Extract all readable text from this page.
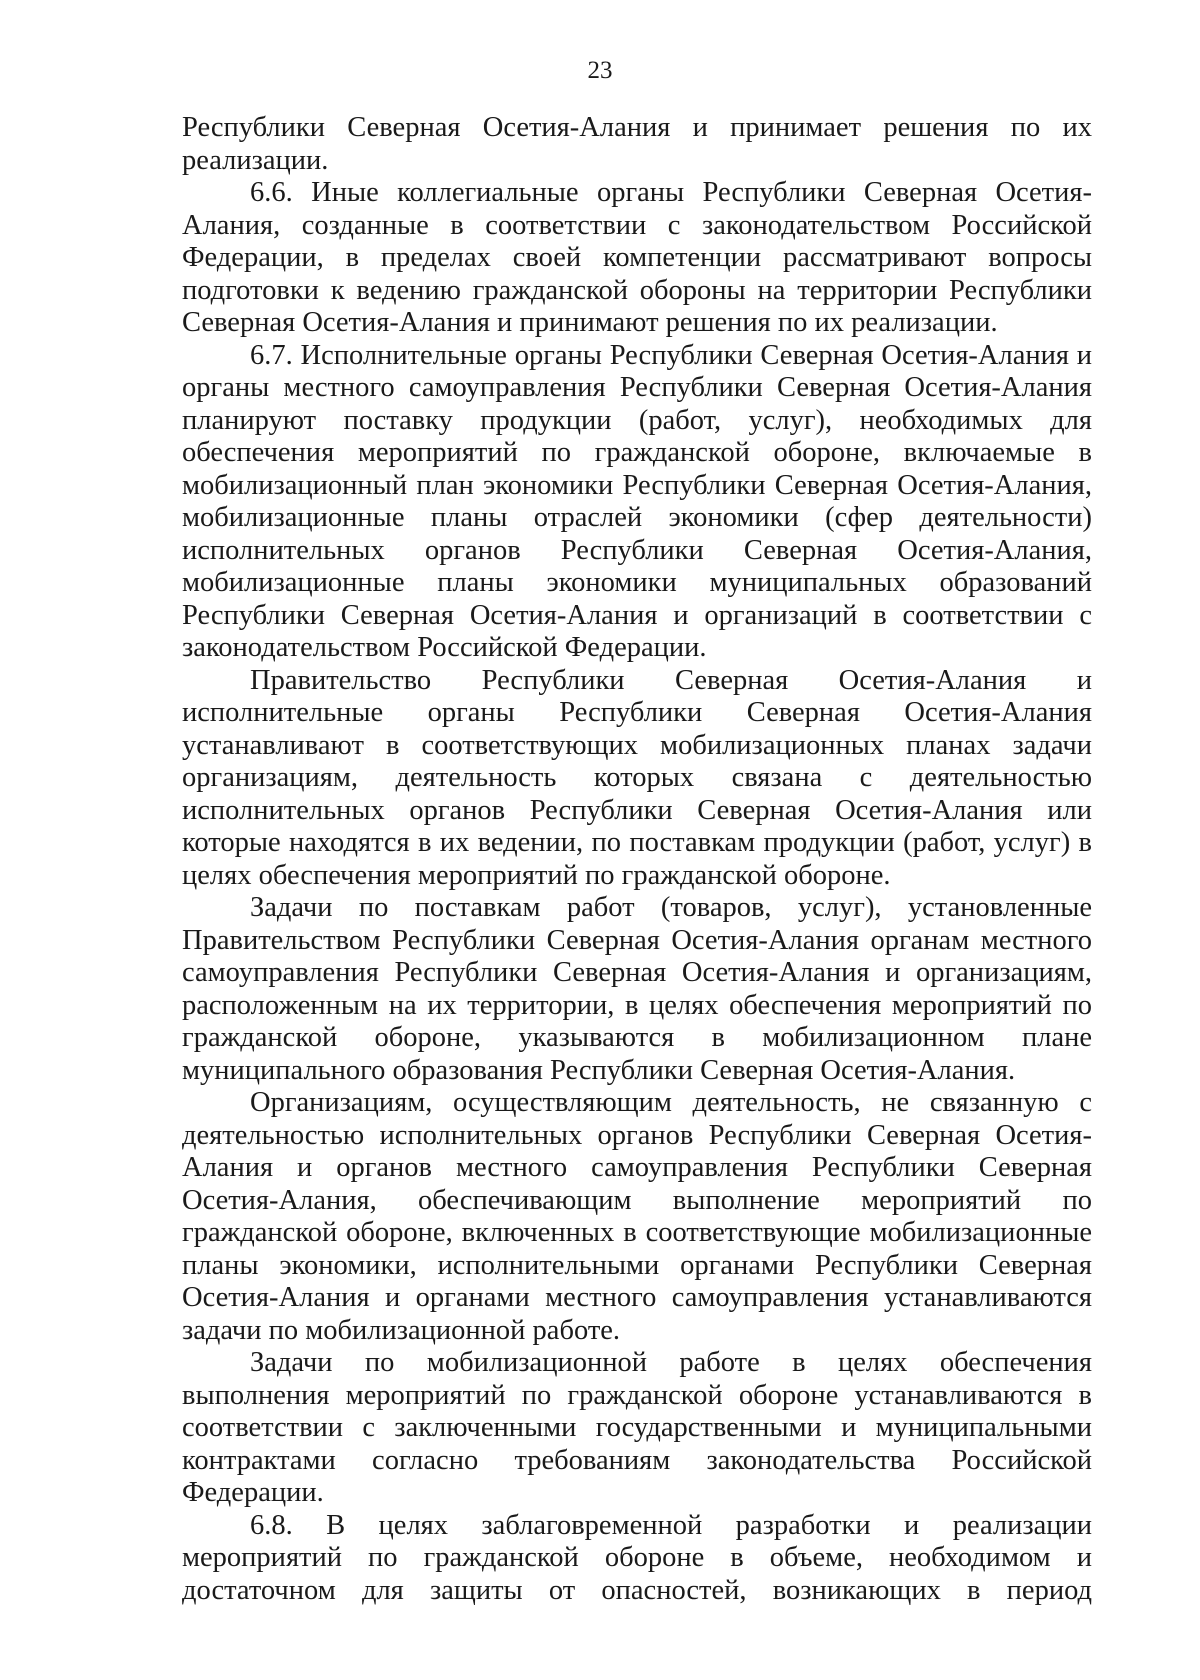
23

Республики Северная Осетия-Алания и принимает решения по их реализации.

6.6. Иные коллегиальные органы Республики Северная Осетия-Алания, созданные в соответствии с законодательством Российской Федерации, в пределах своей компетенции рассматривают вопросы подготовки к ведению гражданской обороны на территории Республики Северная Осетия-Алания и принимают решения по их реализации.

6.7. Исполнительные органы Республики Северная Осетия-Алания и органы местного самоуправления Республики Северная Осетия-Алания планируют поставку продукции (работ, услуг), необходимых для обеспечения мероприятий по гражданской обороне, включаемые в мобилизационный план экономики Республики Северная Осетия-Алания, мобилизационные планы отраслей экономики (сфер деятельности) исполнительных органов Республики Северная Осетия-Алания, мобилизационные планы экономики муниципальных образований Республики Северная Осетия-Алания и организаций в соответствии с законодательством Российской Федерации.

Правительство Республики Северная Осетия-Алания и исполнительные органы Республики Северная Осетия-Алания устанавливают в соответствующих мобилизационных планах задачи организациям, деятельность которых связана с деятельностью исполнительных органов Республики Северная Осетия-Алания или которые находятся в их ведении, по поставкам продукции (работ, услуг) в целях обеспечения мероприятий по гражданской обороне.

Задачи по поставкам работ (товаров, услуг), установленные Правительством Республики Северная Осетия-Алания органам местного самоуправления Республики Северная Осетия-Алания и организациям, расположенным на их территории, в целях обеспечения мероприятий по гражданской обороне, указываются в мобилизационном плане муниципального образования Республики Северная Осетия-Алания.

Организациям, осуществляющим деятельность, не связанную с деятельностью исполнительных органов Республики Северная Осетия-Алания и органов местного самоуправления Республики Северная Осетия-Алания, обеспечивающим выполнение мероприятий по гражданской обороне, включенных в соответствующие мобилизационные планы экономики, исполнительными органами Республики Северная Осетия-Алания и органами местного самоуправления устанавливаются задачи по мобилизационной работе.

Задачи по мобилизационной работе в целях обеспечения выполнения мероприятий по гражданской обороне устанавливаются в соответствии с заключенными государственными и муниципальными контрактами согласно требованиям законодательства Российской Федерации.

6.8. В целях заблаговременной разработки и реализации мероприятий по гражданской обороне в объеме, необходимом и достаточном для защиты от опасностей, возникающих в период
